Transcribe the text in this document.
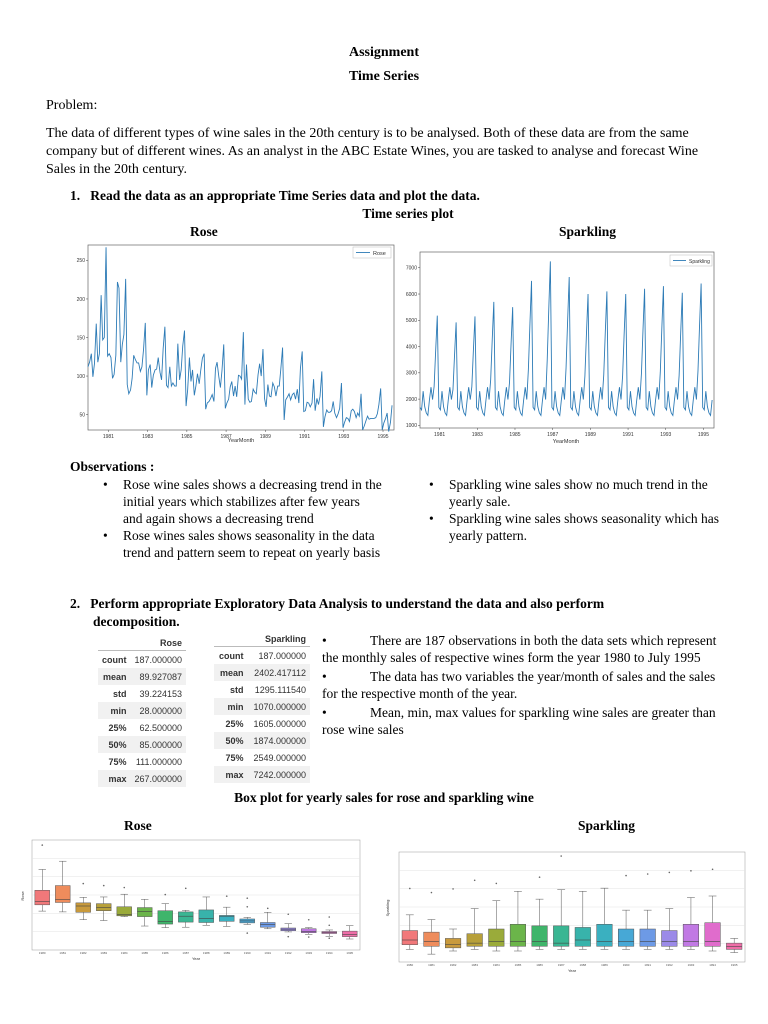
Assignment
Time Series
Problem:
The data of different types of wine sales in the 20th century is to be analysed. Both of these data are from the same company but of different wines. As an analyst in the ABC Estate Wines, you are tasked to analyse and forecast Wine Sales in the 20th century.
1.   Read the data as an appropriate Time Series data and plot the data.
Time series plot
Rose	Sparkling
50
100
150
200
250
1981	1983	1985	1987	1989	1991	1993	1995
Rose
YearMonth
1000
2000
3000
4000
5000
6000
7000
1981	1983	1985	1987	1989	1991	1993	1995
Sparkling
YearMonth
Observations :
• Rose wine sales shows a decreasing trend in the initial years which stabilizes after few years and again shows a decreasing trend
• Rose wines sales shows seasonality in the data trend and pattern seem to repeat on yearly basis
• Sparkling wine sales show no much trend in the yearly sale.
• Sparkling wine sales shows seasonality which has yearly pattern.
2.   Perform appropriate Exploratory Data Analysis to understand the data and also perform
decomposition.
	Rose
count	187.000000
mean	89.927087
std	39.224153
min	28.000000
25%	62.500000
50%	85.000000
75%	111.000000
max	267.000000
	Sparkling
count	187.000000
mean	2402.417112
std	1295.111540
min	1070.000000
25%	1605.000000
50%	1874.000000
75%	2549.000000
max	7242.000000
•	There are 187 observations in both the data sets which represent the monthly sales of respective wines form the year 1980 to July 1995
•	The data has two variables the year/month of sales and the sales for the respective month of the year.
•	Mean, min, max values for sparkling wine sales are greater than rose wine sales
Box plot for yearly sales for rose and sparkling wine
Rose	Sparkling
1980	1981	1982	1983	1984	1985	1986	1987	1988	1989	1990	1991	1992	1993	1994	1995
Year
Rose
1980	1981	1982	1983	1984	1985	1986	1987	1988	1989	1990	1991	1992	1993	1994	1995
Year
Sparkling
